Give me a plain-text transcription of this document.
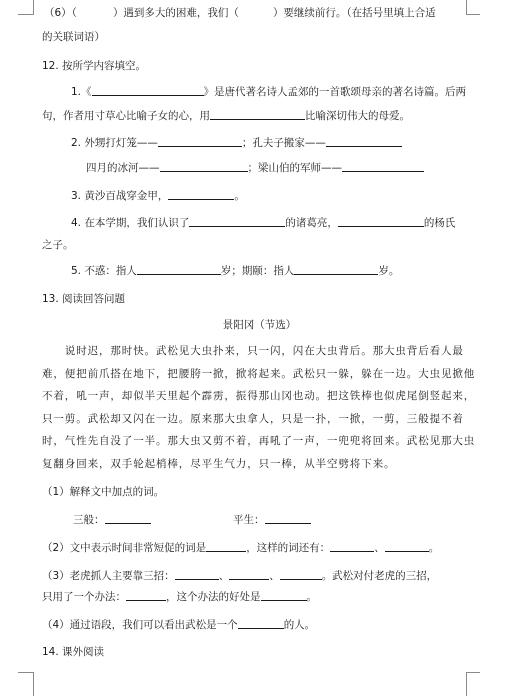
（6）（	）遇到多大的困难，我们（	）要继续前行。（在括号里填上合适
的关联词语）
12. 按所学内容填空。
1.《	》是唐代著名诗人孟郊的一首歌颂母亲的著名诗篇。后两
句，作者用寸草心比喻子女的心，用	比喻深切伟大的母爱。
2. 外甥打灯笼——	；孔夫子搬家——
四月的冰河——	；梁山伯的军师——
3. 黄沙百战穿金甲，	。
4. 在本学期，我们认识了	的诸葛亮，	的杨氏
之子。
5. 不惑：指人	岁；期颐：指人	岁。
13. 阅读回答问题
景阳冈（节选）
　　说时迟，那时快。武松见大虫扑来，只一闪，闪在大虫背后。那大虫背后看人最难，便把前爪搭在地下，把腰胯一掀，掀将起来。武松只一躲，躲在一边。大虫见掀他不着，吼一声，却似半天里起个霹雳，振得那山冈也动。把这铁棒也似虎尾倒竖起来，只一剪。武松却又闪在一边。原来那大虫拿人，只是一扑，一掀，一剪，三般提不着时，气性先自没了一半。那大虫又剪不着，再吼了一声，一兜兜将回来。武松见那大虫复翻身回来，双手轮起梢棒，尽平生气力，只一棒，从半空劈将下来。
（1）解释文中加点的词。
三般：	平生：
（2）文中表示时间非常短促的词是	，这样的词还有：	、	。
（3）老虎抓人主要靠三招：	、	、	。武松对付老虎的三招，
只用了一个办法：	，这个办法的好处是	。
（4）通过语段，我们可以看出武松是一个	的人。
14. 课外阅读
